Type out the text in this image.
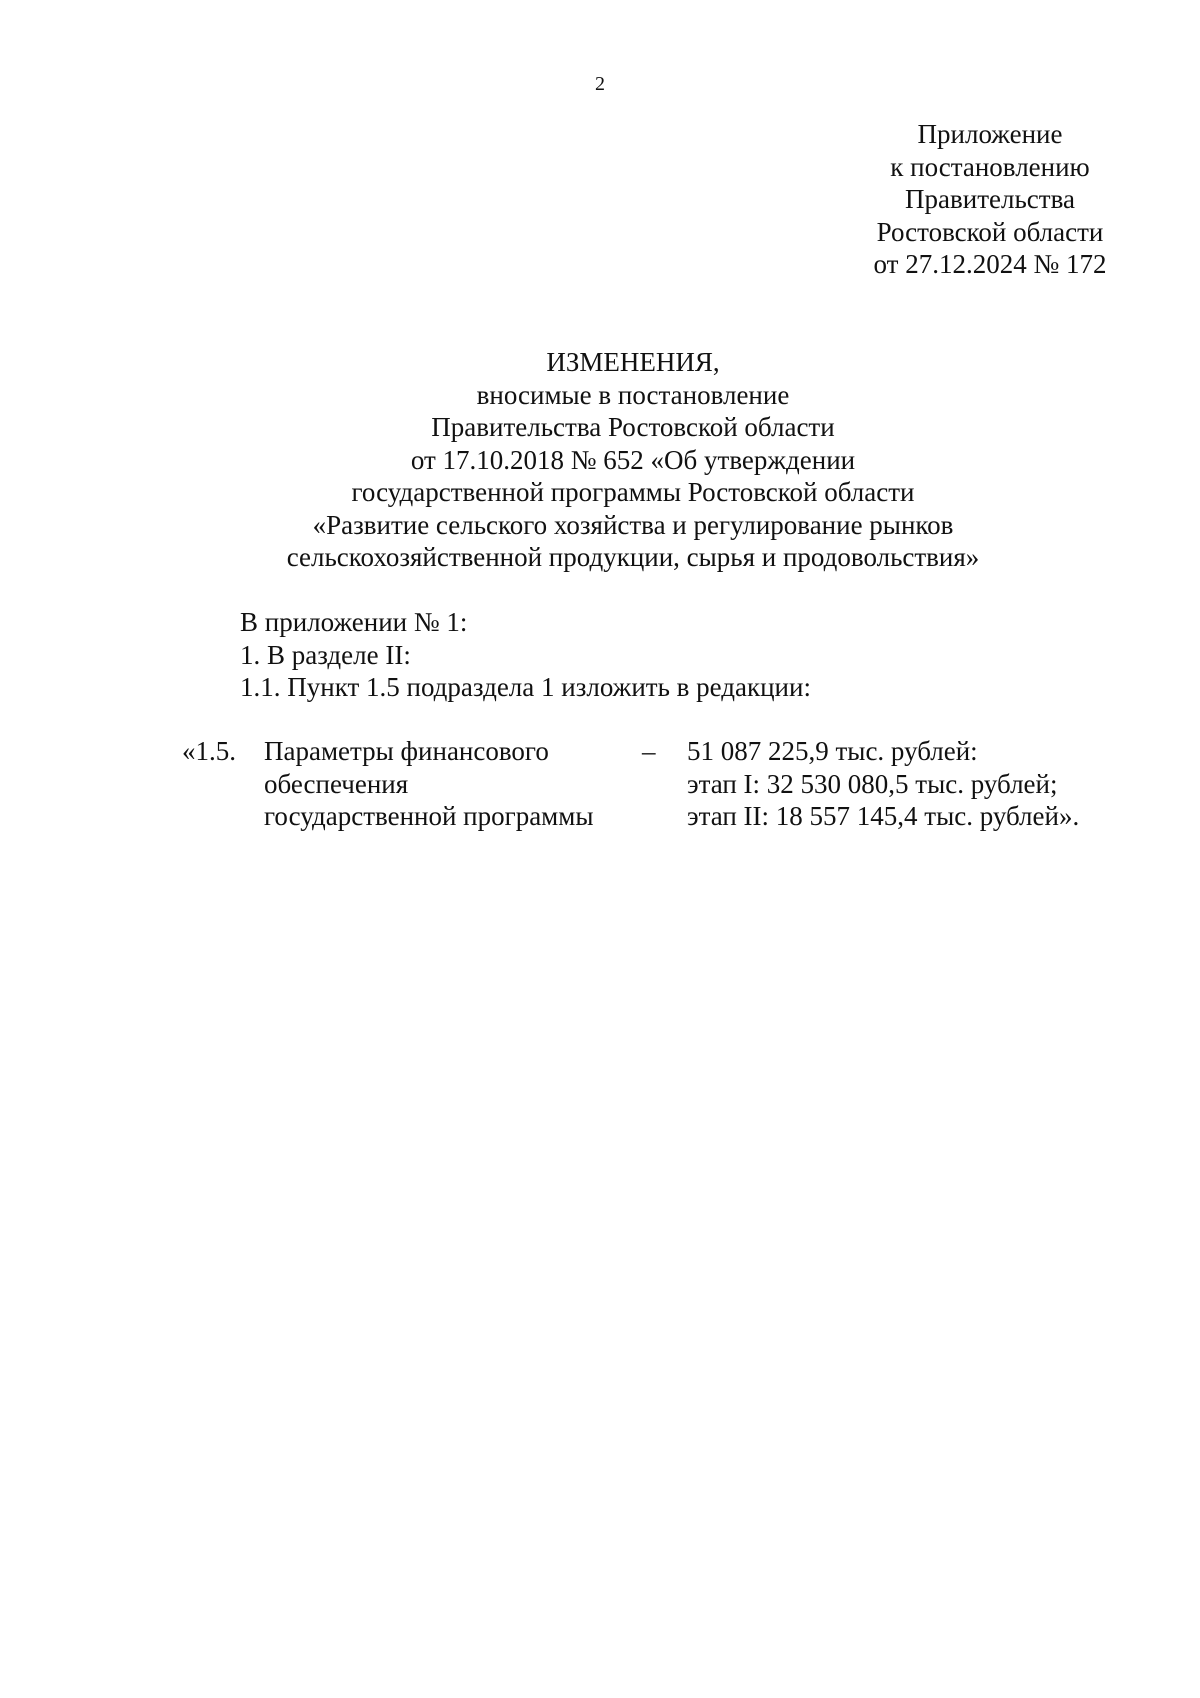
2
Приложение
к постановлению
Правительства
Ростовской области
от 27.12.2024 № 172
ИЗМЕНЕНИЯ,
вносимые в постановление
Правительства Ростовской области
от 17.10.2018 № 652 «Об утверждении
государственной программы Ростовской области
«Развитие сельского хозяйства и регулирование рынков
сельскохозяйственной продукции, сырья и продовольствия»
В приложении № 1:
1. В разделе II:
1.1. Пункт 1.5 подраздела 1 изложить в редакции:
«1.5. Параметры финансового
обеспечения
государственной программы
– 51 087 225,9 тыс. рублей:
этап I: 32 530 080,5 тыс. рублей;
этап II: 18 557 145,4 тыс. рублей».
